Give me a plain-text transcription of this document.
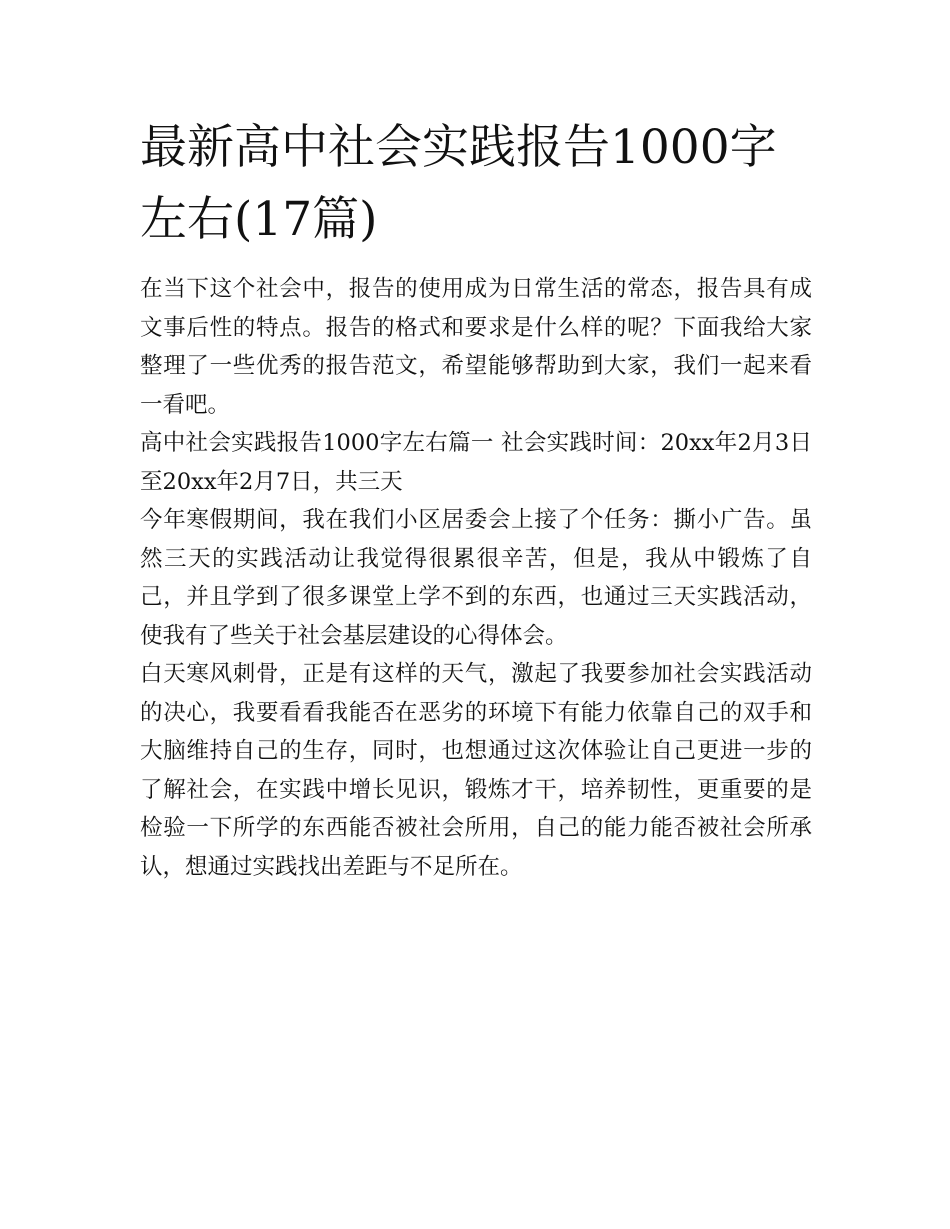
最新高中社会实践报告1000字左右(17篇)

在当下这个社会中，报告的使用成为日常生活的常态，报告具有成文事后性的特点。报告的格式和要求是什么样的呢？下面我给大家整理了一些优秀的报告范文，希望能够帮助到大家，我们一起来看一看吧。

高中社会实践报告1000字左右篇一 社会实践时间：20xx年2月3日至20xx年2月7日，共三天

今年寒假期间，我在我们小区居委会上接了个任务：撕小广告。虽然三天的实践活动让我觉得很累很辛苦，但是，我从中锻炼了自己，并且学到了很多课堂上学不到的东西，也通过三天实践活动，使我有了些关于社会基层建设的心得体会。

白天寒风刺骨，正是有这样的天气，激起了我要参加社会实践活动的决心，我要看看我能否在恶劣的环境下有能力依靠自己的双手和大脑维持自己的生存，同时，也想通过这次体验让自己更进一步的了解社会，在实践中增长见识，锻炼才干，培养韧性，更重要的是检验一下所学的东西能否被社会所用，自己的能力能否被社会所承认，想通过实践找出差距与不足所在。
